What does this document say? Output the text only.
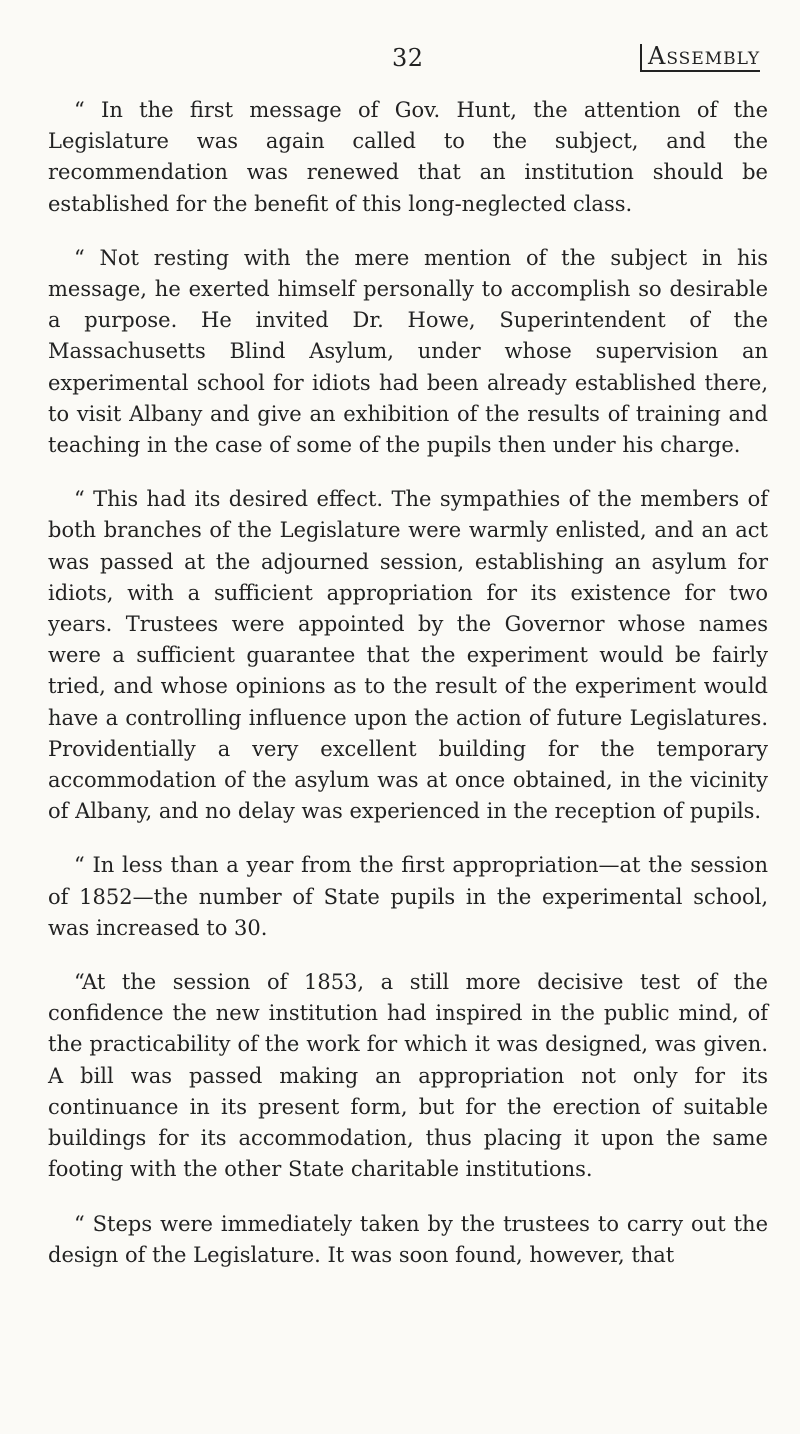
32	Assembly

“ In the first message of Gov. Hunt, the attention of the Legislature was again called to the subject, and the recommendation was renewed that an institution should be established for the benefit of this long-neglected class.

“ Not resting with the mere mention of the subject in his message, he exerted himself personally to accomplish so desirable a purpose. He invited Dr. Howe, Superintendent of the Massachusetts Blind Asylum, under whose supervision an experimental school for idiots had been already established there, to visit Albany and give an exhibition of the results of training and teaching in the case of some of the pupils then under his charge.

“ This had its desired effect. The sympathies of the members of both branches of the Legislature were warmly enlisted, and an act was passed at the adjourned session, establishing an asylum for idiots, with a sufficient appropriation for its existence for two years. Trustees were appointed by the Governor whose names were a sufficient guarantee that the experiment would be fairly tried, and whose opinions as to the result of the experiment would have a controlling influence upon the action of future Legislatures. Providentially a very excellent building for the temporary accommodation of the asylum was at once obtained, in the vicinity of Albany, and no delay was experienced in the reception of pupils.

“ In less than a year from the first appropriation—at the session of 1852—the number of State pupils in the experimental school, was increased to 30.

“At the session of 1853, a still more decisive test of the confidence the new institution had inspired in the public mind, of the practicability of the work for which it was designed, was given. A bill was passed making an appropriation not only for its continuance in its present form, but for the erection of suitable buildings for its accommodation, thus placing it upon the same footing with the other State charitable institutions.

“ Steps were immediately taken by the trustees to carry out the design of the Legislature. It was soon found, however, that
